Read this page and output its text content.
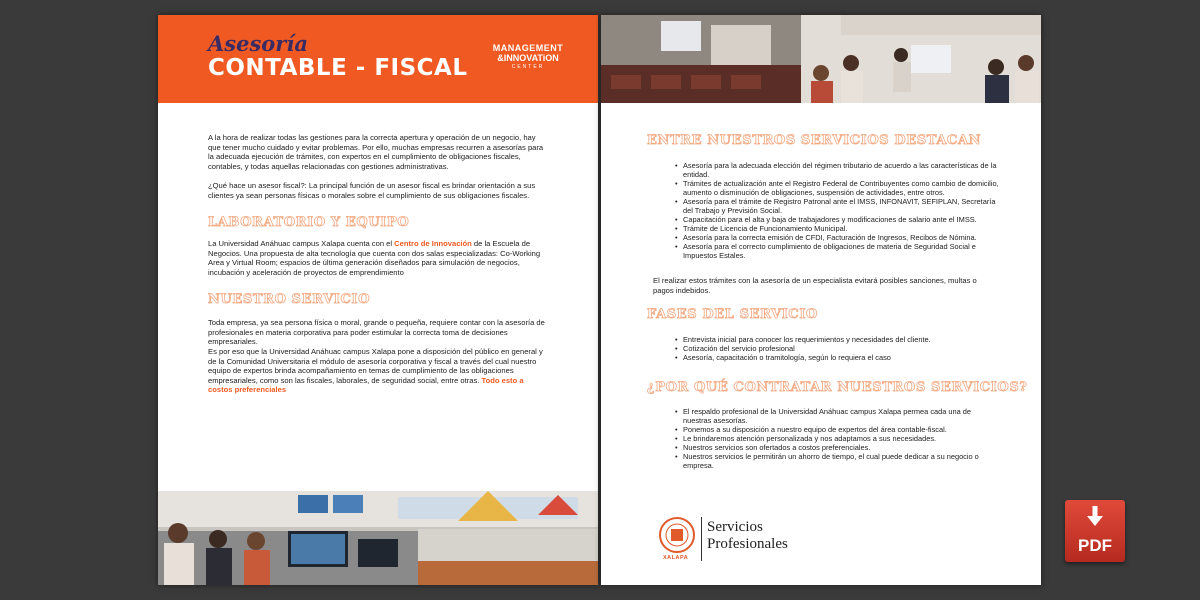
Asesoría
CONTABLE - FISCAL
MANAGEMENT
&INNOVATiON
CENTER
A la hora de realizar todas las gestiones para la correcta apertura y operación de un negocio, hay que tener mucho cuidado y evitar problemas. Por ello, muchas empresas recurren a asesorías para la adecuada ejecución de trámites, con expertos en el cumplimiento de obligaciones fiscales, contables, y todas aquellas relacionadas con gestiones administrativas.
¿Qué hace un asesor fiscal?: La principal función de un asesor fiscal es brindar orientación a sus clientes ya sean personas físicas o morales sobre el cumplimiento de sus obligaciones fiscales.
LABORATORIO Y EQUIPO
La Universidad Anáhuac campus Xalapa cuenta con el Centro de Innovación de la Escuela de Negocios. Una propuesta de alta tecnología que cuenta con dos salas especializadas: Co-Working Area y Virtual Room; espacios de última generación diseñados para simulación de negocios, incubación y aceleración de proyectos de emprendimiento
NUESTRO SERVICIO
Toda empresa, ya sea persona física o moral, grande o pequeña, requiere contar con la asesoría de profesionales en materia corporativa para poder estimular la correcta toma de decisiones empresariales.
Es por eso que la Universidad Anáhuac campus Xalapa pone a disposición del público en general y de la Comunidad Universitaria el módulo de asesoría corporativa y fiscal a través del cual nuestro equipo de expertos brinda acompañamiento en temas de cumplimiento de las obligaciones empresariales, como son las fiscales, laborales, de seguridad social, entre otras. Todo esto a costos preferenciales
ENTRE NUESTROS SERVICIOS DESTACAN
• Asesoría para la adecuada elección del régimen tributario de acuerdo a las características de la entidad.
• Trámites de actualización ante el Registro Federal de Contribuyentes como cambio de domicilio, aumento o disminución de obligaciones, suspensión de actividades, entre otros.
• Asesoría para el trámite de Registro Patronal ante el IMSS, INFONAVIT, SEFIPLAN, Secretaría del Trabajo y Previsión Social.
• Capacitación para el alta y baja de trabajadores y modificaciones de salario ante el IMSS.
• Trámite de Licencia de Funcionamiento Municipal.
• Asesoría para la correcta emisión de CFDI, Facturación de Ingresos, Recibos de Nómina.
• Asesoría para el correcto cumplimiento de obligaciones de materia de Seguridad Social e Impuestos Estales.
El realizar estos trámites con la asesoría de un especialista evitará posibles sanciones, multas o pagos indebidos.
FASES DEL SERVICIO
• Entrevista inicial para conocer los requerimientos y necesidades del cliente.
• Cotización del servicio profesional
• Asesoría, capacitación o tramitología, según lo requiera el caso
¿POR QUÉ CONTRATAR NUESTROS SERVICIOS?
• El respaldo profesional de la Universidad Anáhuac campus Xalapa permea cada una de nuestras asesorías.
• Ponemos a su disposición a nuestro equipo de expertos del área contable-fiscal.
• Le brindaremos atención personalizada y nos adaptamos a sus necesidades.
• Nuestros servicios son ofertados a costos preferenciales.
• Nuestros servicios le permitirán un ahorro de tiempo, el cual puede dedicar a su negocio o empresa.
XALAPA
Servicios
Profesionales	PDF
